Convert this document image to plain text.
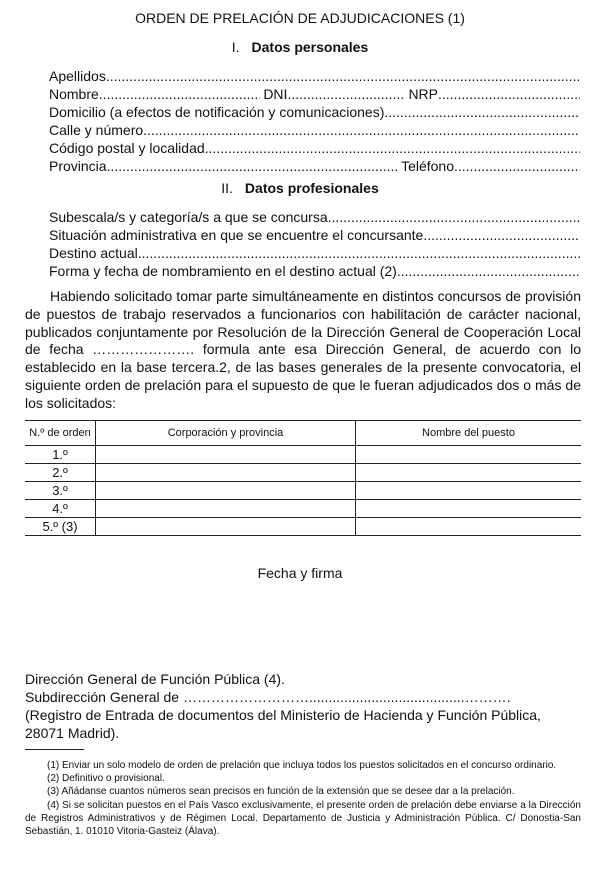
ORDEN DE PRELACIÓN DE ADJUDICACIONES (1)
I. Datos personales
Apellidos
.....
Nombre .....	DNI .....	NRP
.....
Domicilio (a efectos de notificación y comunicaciones)
.....
Calle y número
.....
Código postal y localidad
.....
Provincia .....	Teléfono
.....
II. Datos profesionales
Subescala/s y categoría/s a que se concursa
.....
Situación administrativa en que se encuentre el concursante
.....
Destino actual
.....
Forma y fecha de nombramiento en el destino actual (2)
.....

Habiendo solicitado tomar parte simultáneamente en distintos concursos de provisión de puestos de trabajo reservados a funcionarios con habilitación de carácter nacional, publicados conjuntamente por Resolución de la Dirección General de Cooperación Local de fecha …………………. formula ante esa Dirección General, de acuerdo con lo establecido en la base tercera.2, de las bases generales de la presente convocatoria, el siguiente orden de prelación para el supuesto de que le fueran adjudicados dos o más de los solicitados:

N.º de orden	Corporación y provincia	Nombre del puesto
1.º		
2.º		
3.º		
4.º		
5.º (3)		
Fecha y firma
Dirección General de Función Pública (4).
Subdirección General de ………………………........................................……….
(Registro de Entrada de documentos del Ministerio de Hacienda y Función Pública, 28071 Madrid).

(1) Enviar un solo modelo de orden de prelación que incluya todos los puestos solicitados en el concurso ordinario.

(2) Definitivo o provisional.

(3) Añádanse cuantos números sean precisos en función de la extensión que se desee dar a la prelación.

(4) Si se solicitan puestos en el País Vasco exclusivamente, el presente orden de prelación debe enviarse a la Dirección de Registros Administrativos y de Régimen Local. Departamento de Justicia y Administración Pública. C/ Donostia-San Sebastián, 1. 01010 Vitoria-Gasteiz (Álava).
